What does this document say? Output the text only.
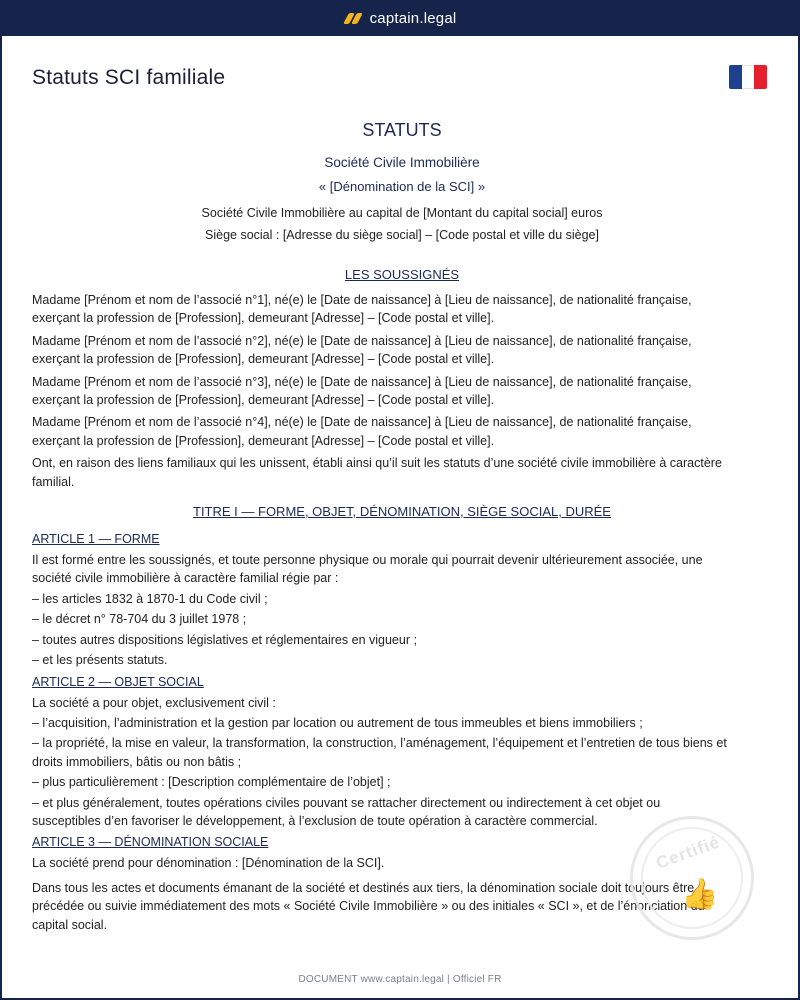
captain.legal
Statuts SCI familiale
STATUTS
Société Civile Immobilière
« [Dénomination de la SCI] »
Société Civile Immobilière au capital de [Montant du capital social] euros
Siège social : [Adresse du siège social] – [Code postal et ville du siège]
LES SOUSSIGNÉS
Madame [Prénom et nom de l’associé n°1], né(e) le [Date de naissance] à [Lieu de naissance], de nationalité française, exerçant la profession de [Profession], demeurant [Adresse] – [Code postal et ville].
Madame [Prénom et nom de l’associé n°2], né(e) le [Date de naissance] à [Lieu de naissance], de nationalité française, exerçant la profession de [Profession], demeurant [Adresse] – [Code postal et ville].
Madame [Prénom et nom de l’associé n°3], né(e) le [Date de naissance] à [Lieu de naissance], de nationalité française, exerçant la profession de [Profession], demeurant [Adresse] – [Code postal et ville].
Madame [Prénom et nom de l’associé n°4], né(e) le [Date de naissance] à [Lieu de naissance], de nationalité française, exerçant la profession de [Profession], demeurant [Adresse] – [Code postal et ville].
Ont, en raison des liens familiaux qui les unissent, établi ainsi qu’il suit les statuts d’une société civile immobilière à caractère familial.
TITRE I — FORME, OBJET, DÉNOMINATION, SIÈGE SOCIAL, DURÉE
ARTICLE 1 — FORME
Il est formé entre les soussignés, et toute personne physique ou morale qui pourrait devenir ultérieurement associée, une société civile immobilière à caractère familial régie par :
– les articles 1832 à 1870-1 du Code civil ;
– le décret n° 78-704 du 3 juillet 1978 ;
– toutes autres dispositions législatives et réglementaires en vigueur ;
– et les présents statuts.
ARTICLE 2 — OBJET SOCIAL
La société a pour objet, exclusivement civil :
– l’acquisition, l’administration et la gestion par location ou autrement de tous immeubles et biens immobiliers ;
– la propriété, la mise en valeur, la transformation, la construction, l’aménagement, l’équipement et l’entretien de tous biens et droits immobiliers, bâtis ou non bâtis ;
– plus particulièrement : [Description complémentaire de l’objet] ;
– et plus généralement, toutes opérations civiles pouvant se rattacher directement ou indirectement à cet objet ou susceptibles d’en favoriser le développement, à l’exclusion de toute opération à caractère commercial.
ARTICLE 3 — DÉNOMINATION SOCIALE
La société prend pour dénomination : [Dénomination de la SCI].
Dans tous les actes et documents émanant de la société et destinés aux tiers, la dénomination sociale doit toujours être précédée ou suivie immédiatement des mots « Société Civile Immobilière » ou des initiales « SCI », et de l’énonciation du capital social.
Certifié
👍
DOCUMENT www.captain.legal | Officiel FR
